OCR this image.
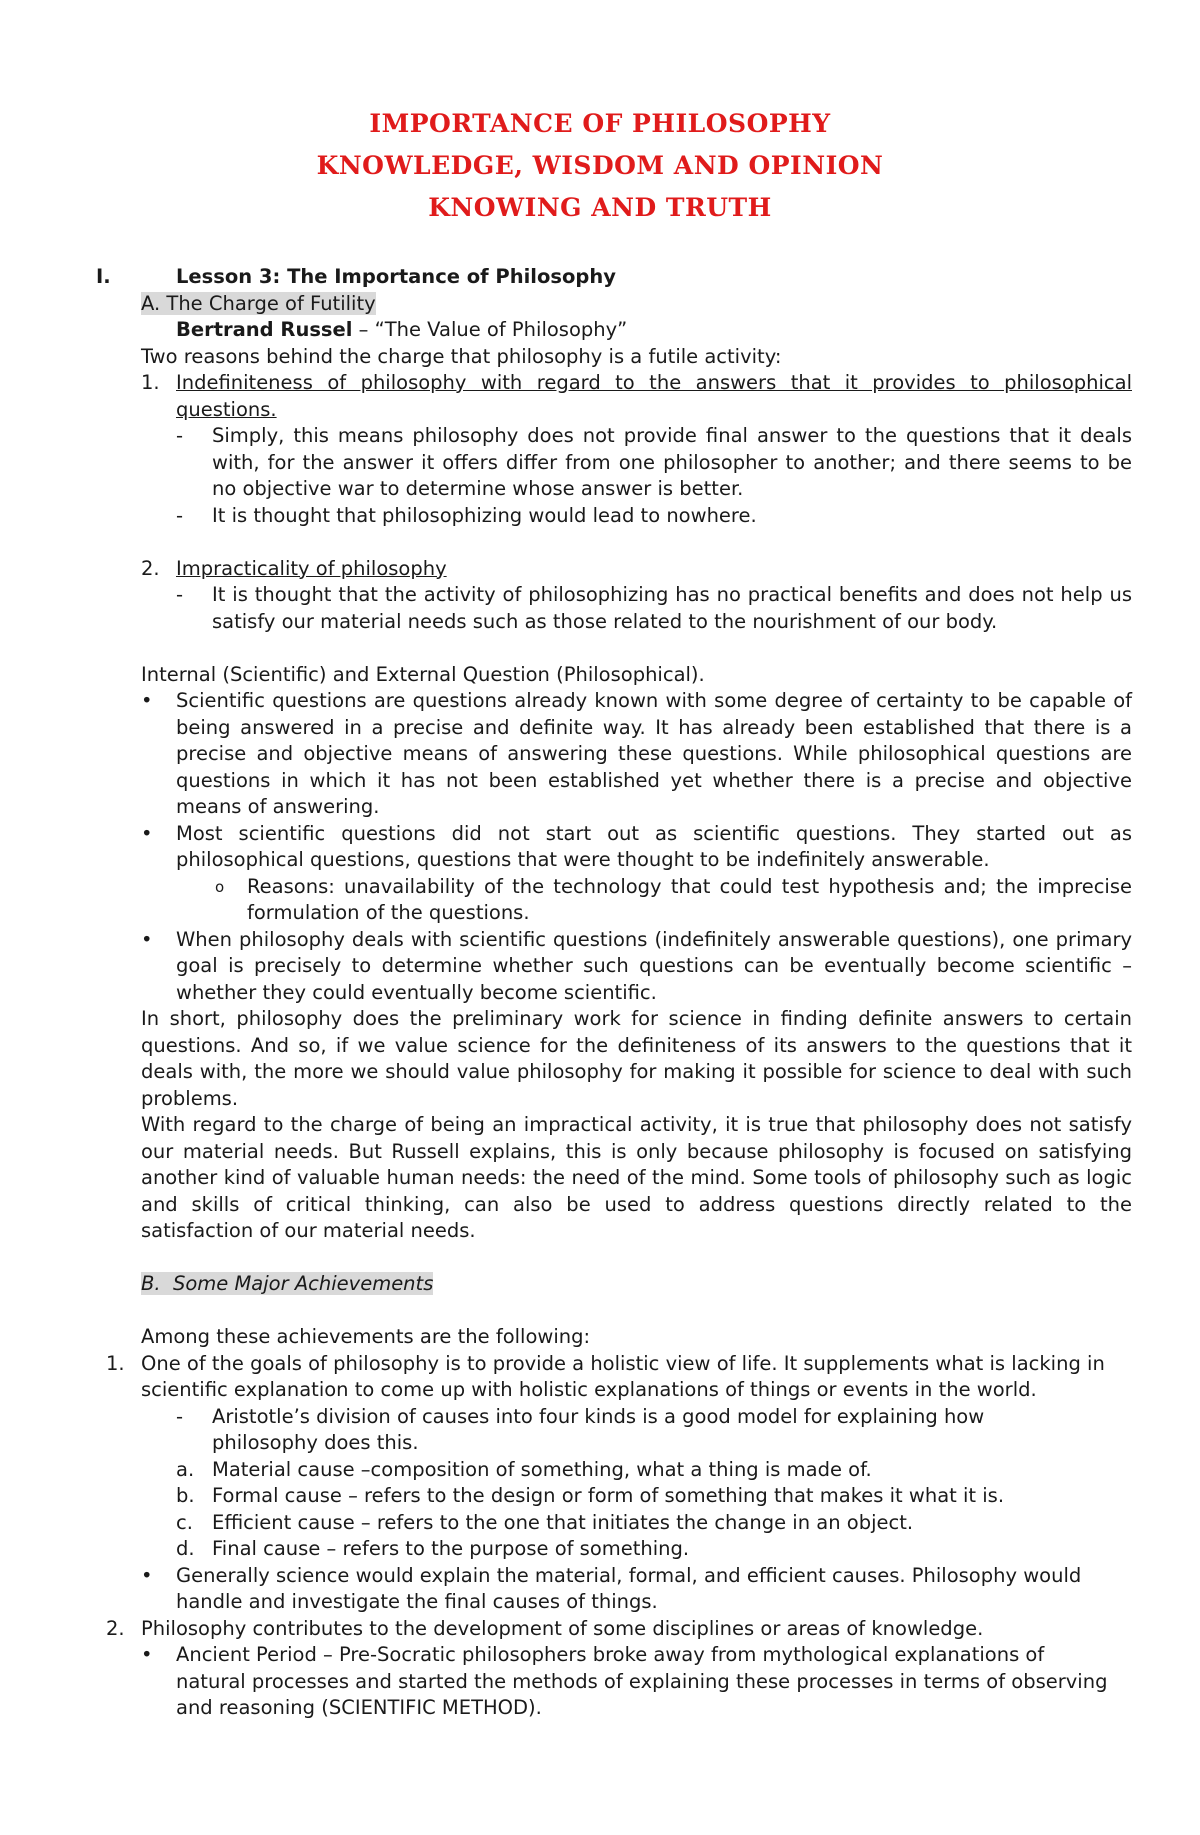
IMPORTANCE OF PHILOSOPHY
KNOWLEDGE, WISDOM AND OPINION
KNOWING AND TRUTH
I.	Lesson 3: The Importance of Philosophy
A. The Charge of Futility
Bertrand Russel – “The Value of Philosophy”
Two reasons behind the charge that philosophy is a futile activity:
1. Indefiniteness of philosophy with regard to the answers that it provides to philosophical questions.
- Simply, this means philosophy does not provide final answer to the questions that it deals with, for the answer it offers differ from one philosopher to another; and there seems to be no objective war to determine whose answer is better.
- It is thought that philosophizing would lead to nowhere.
2. Impracticality of philosophy
- It is thought that the activity of philosophizing has no practical benefits and does not help us satisfy our material needs such as those related to the nourishment of our body.
Internal (Scientific) and External Question (Philosophical).
• Scientific questions are questions already known with some degree of certainty to be capable of being answered in a precise and definite way. It has already been established that there is a precise and objective means of answering these questions. While philosophical questions are questions in which it has not been established yet whether there is a precise and objective means of answering.
• Most scientific questions did not start out as scientific questions. They started out as philosophical questions, questions that were thought to be indefinitely answerable.
o Reasons: unavailability of the technology that could test hypothesis and; the imprecise formulation of the questions.
• When philosophy deals with scientific questions (indefinitely answerable questions), one primary goal is precisely to determine whether such questions can be eventually become scientific – whether they could eventually become scientific.
In short, philosophy does the preliminary work for science in finding definite answers to certain questions. And so, if we value science for the definiteness of its answers to the questions that it deals with, the more we should value philosophy for making it possible for science to deal with such problems.
With regard to the charge of being an impractical activity, it is true that philosophy does not satisfy our material needs. But Russell explains, this is only because philosophy is focused on satisfying another kind of valuable human needs: the need of the mind. Some tools of philosophy such as logic and skills of critical thinking, can also be used to address questions directly related to the satisfaction of our material needs.
B. Some Major Achievements
Among these achievements are the following:
1. One of the goals of philosophy is to provide a holistic view of life. It supplements what is lacking in scientific explanation to come up with holistic explanations of things or events in the world.
- Aristotle’s division of causes into four kinds is a good model for explaining how philosophy does this.
a. Material cause –composition of something, what a thing is made of.
b. Formal cause – refers to the design or form of something that makes it what it is.
c. Efficient cause – refers to the one that initiates the change in an object.
d. Final cause – refers to the purpose of something.
• Generally science would explain the material, formal, and efficient causes. Philosophy would handle and investigate the final causes of things.
2. Philosophy contributes to the development of some disciplines or areas of knowledge.
• Ancient Period – Pre-Socratic philosophers broke away from mythological explanations of natural processes and started the methods of explaining these processes in terms of observing and reasoning (SCIENTIFIC METHOD).
